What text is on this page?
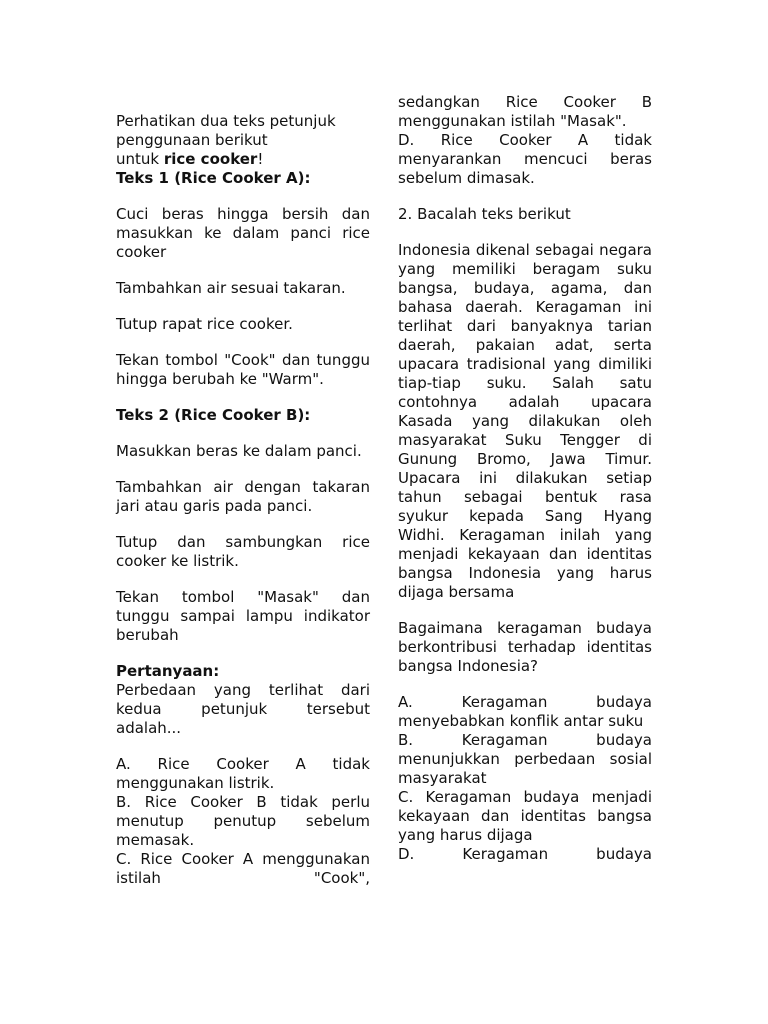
Perhatikan dua teks petunjuk penggunaan berikut
untuk rice cooker!

Teks 1 (Rice Cooker A):

Cuci beras hingga bersih dan masukkan ke dalam panci rice cooker

Tambahkan air sesuai takaran.

Tutup rapat rice cooker.

Tekan tombol "Cook" dan tunggu hingga berubah ke "Warm".

Teks 2 (Rice Cooker B):

Masukkan beras ke dalam panci.

Tambahkan air dengan takaran jari atau garis pada panci.

Tutup dan sambungkan rice cooker ke listrik.

Tekan tombol "Masak" dan tunggu sampai lampu indikator berubah

Pertanyaan:

Perbedaan yang terlihat dari kedua petunjuk tersebut adalah...

A. Rice Cooker A tidak menggunakan listrik.

B. Rice Cooker B tidak perlu menutup penutup sebelum memasak.

C. Rice Cooker A menggunakan istilah "Cook",

sedangkan Rice Cooker B menggunakan istilah "Masak".

D. Rice Cooker A tidak menyarankan mencuci beras sebelum dimasak.

2. Bacalah teks berikut

Indonesia dikenal sebagai negara yang memiliki beragam suku bangsa, budaya, agama, dan bahasa daerah. Keragaman ini terlihat dari banyaknya tarian daerah, pakaian adat, serta upacara tradisional yang dimiliki tiap-tiap suku. Salah satu contohnya adalah upacara Kasada yang dilakukan oleh masyarakat Suku Tengger di Gunung Bromo, Jawa Timur. Upacara ini dilakukan setiap tahun sebagai bentuk rasa syukur kepada Sang Hyang Widhi. Keragaman inilah yang menjadi kekayaan dan identitas bangsa Indonesia yang harus dijaga bersama

Bagaimana keragaman budaya berkontribusi terhadap identitas bangsa Indonesia?

A. Keragaman budaya menyebabkan konflik antar suku

B. Keragaman budaya menunjukkan perbedaan sosial masyarakat

C. Keragaman budaya menjadi kekayaan dan identitas bangsa yang harus dijaga

D. Keragaman budaya
